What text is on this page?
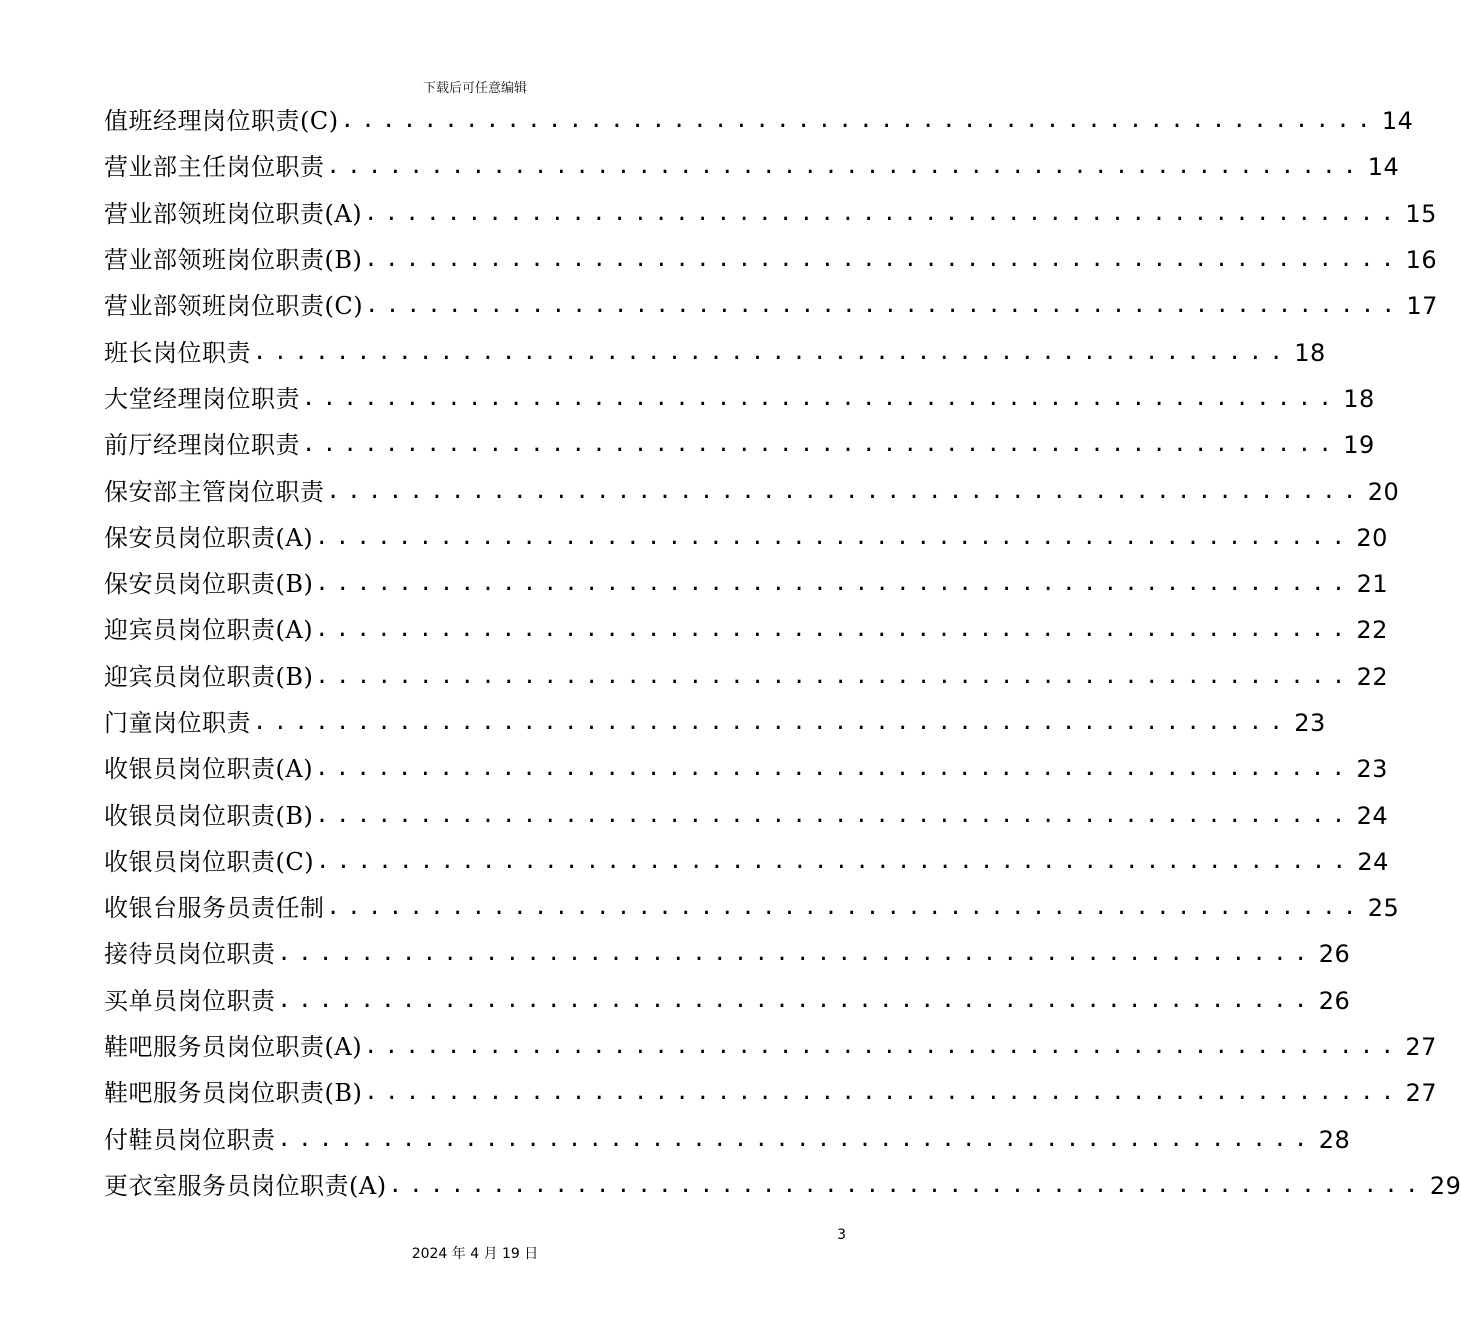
下载后可任意编辑
值班经理岗位职责(C) .................................................. 14
营业部主任岗位职责 .................................................. 14
营业部领班岗位职责(A) .................................................. 15
营业部领班岗位职责(B) .................................................. 16
营业部领班岗位职责(C) .................................................. 17
班长岗位职责 .................................................. 18
大堂经理岗位职责 .................................................. 18
前厅经理岗位职责 .................................................. 19
保安部主管岗位职责 .................................................. 20
保安员岗位职责(A) .................................................. 20
保安员岗位职责(B) .................................................. 21
迎宾员岗位职责(A) .................................................. 22
迎宾员岗位职责(B) .................................................. 22
门童岗位职责 .................................................. 23
收银员岗位职责(A) .................................................. 23
收银员岗位职责(B) .................................................. 24
收银员岗位职责(C) .................................................. 24
收银台服务员责任制 .................................................. 25
接待员岗位职责 .................................................. 26
买单员岗位职责 .................................................. 26
鞋吧服务员岗位职责(A) .................................................. 27
鞋吧服务员岗位职责(B) .................................................. 27
付鞋员岗位职责 .................................................. 28
更衣室服务员岗位职责(A) .................................................. 29
3
2024 年 4 月 19 日
